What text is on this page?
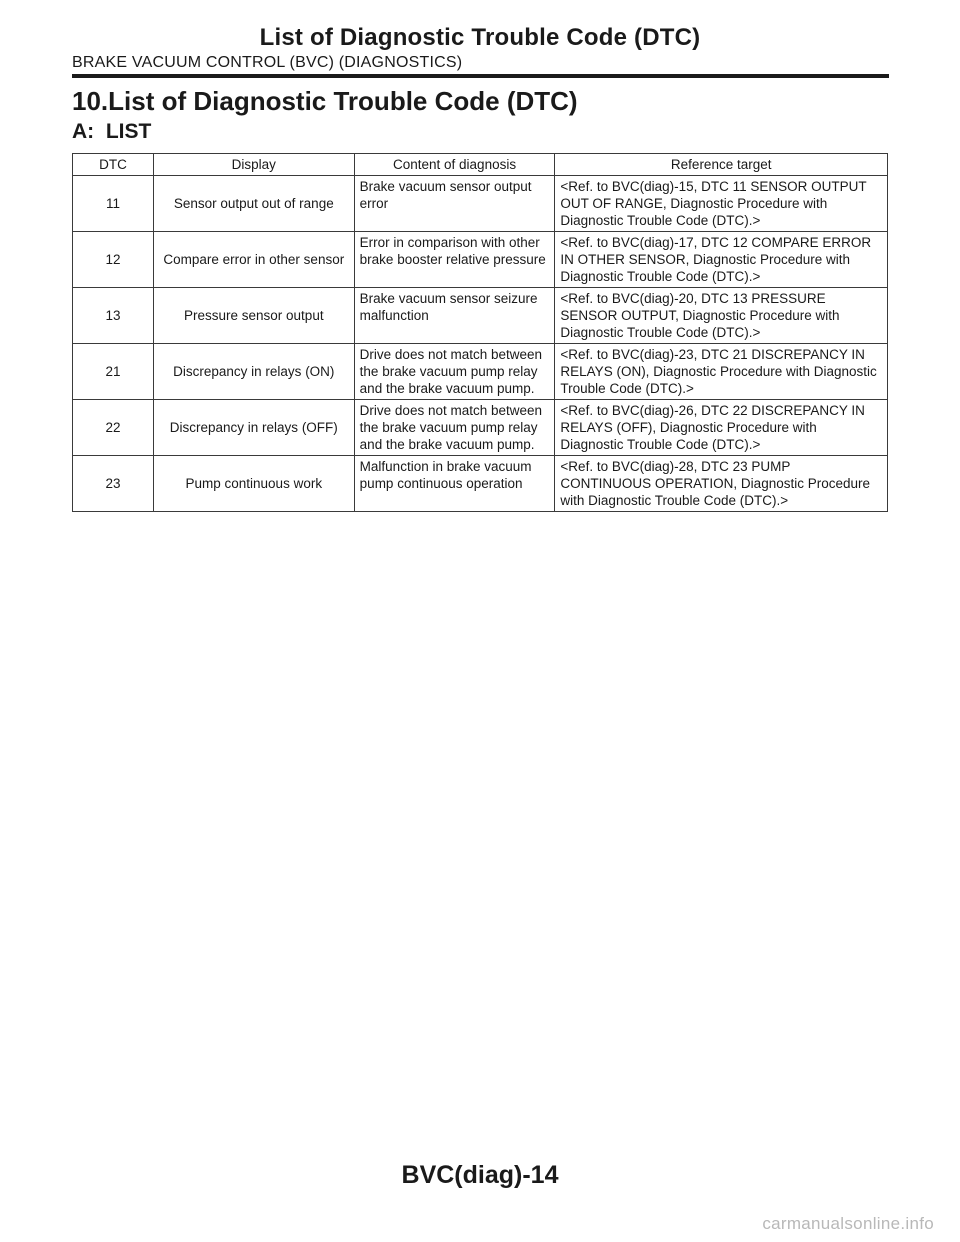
List of Diagnostic Trouble Code (DTC)
BRAKE VACUUM CONTROL (BVC) (DIAGNOSTICS)
10.List of Diagnostic Trouble Code (DTC)
A:  LIST
DTC	Display	Content of diagnosis	Reference target
11	Sensor output out of range	Brake vacuum sensor output error	<Ref. to BVC(diag)-15, DTC 11 SENSOR OUTPUT OUT OF RANGE, Diagnostic Procedure with Diagnostic Trouble Code (DTC).>
12	Compare error in other sensor	Error in comparison with other brake booster relative pressure	<Ref. to BVC(diag)-17, DTC 12 COMPARE ERROR IN OTHER SENSOR, Diagnostic Procedure with Diagnostic Trouble Code (DTC).>
13	Pressure sensor output	Brake vacuum sensor seizure malfunction	<Ref. to BVC(diag)-20, DTC 13 PRESSURE SENSOR OUTPUT, Diagnostic Procedure with Diagnostic Trouble Code (DTC).>
21	Discrepancy in relays (ON)	Drive does not match between the brake vacuum pump relay and the brake vacuum pump.	<Ref. to BVC(diag)-23, DTC 21 DISCREPANCY IN RELAYS (ON), Diagnostic Procedure with Diagnostic Trouble Code (DTC).>
22	Discrepancy in relays (OFF)	Drive does not match between the brake vacuum pump relay and the brake vacuum pump.	<Ref. to BVC(diag)-26, DTC 22 DISCREPANCY IN RELAYS (OFF), Diagnostic Procedure with Diagnostic Trouble Code (DTC).>
23	Pump continuous work	Malfunction in brake vacuum pump continuous operation	<Ref. to BVC(diag)-28, DTC 23 PUMP CONTINUOUS OPERATION, Diagnostic Procedure with Diagnostic Trouble Code (DTC).>
BVC(diag)-14
carmanualsonline.info
